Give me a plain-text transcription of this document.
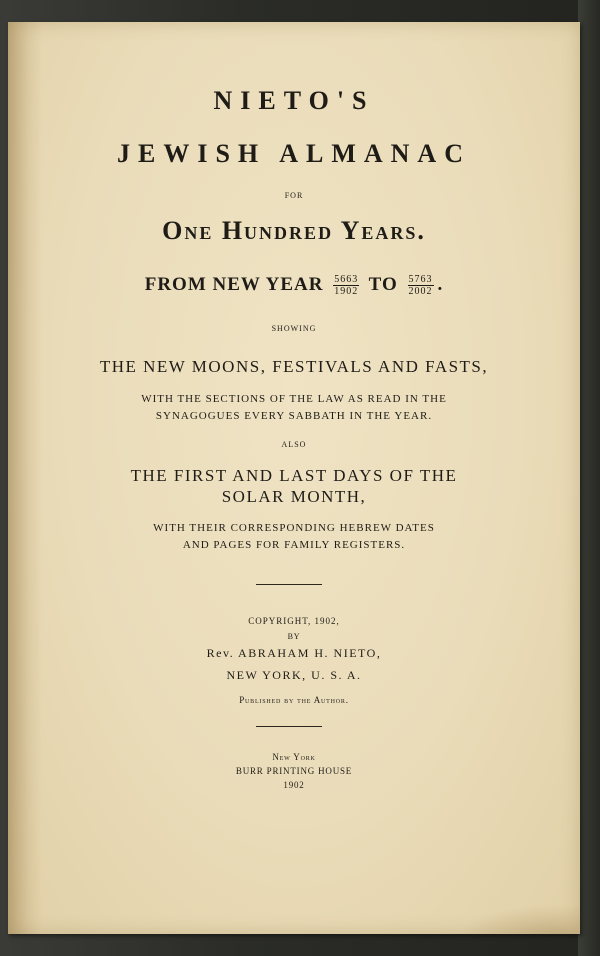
NIETO'S
JEWISH ALMANAC
FOR
One Hundred Years.
FROM NEW YEAR $\frac{5663}{1902}$ TO $\frac{5763}{2002}$ .
SHOWING
THE NEW MOONS, FESTIVALS AND FASTS,
WITH THE SECTIONS OF THE LAW AS READ IN THE
SYNAGOGUES EVERY SABBATH IN THE YEAR.
ALSO
THE FIRST AND LAST DAYS OF THE
SOLAR MONTH,
WITH THEIR CORRESPONDING HEBREW DATES
AND PAGES FOR FAMILY REGISTERS.
COPYRIGHT, 1902,
BY
Rev. ABRAHAM H. NIETO,
NEW YORK, U. S. A.
Published by the Author.
New York
BURR PRINTING HOUSE
1902
